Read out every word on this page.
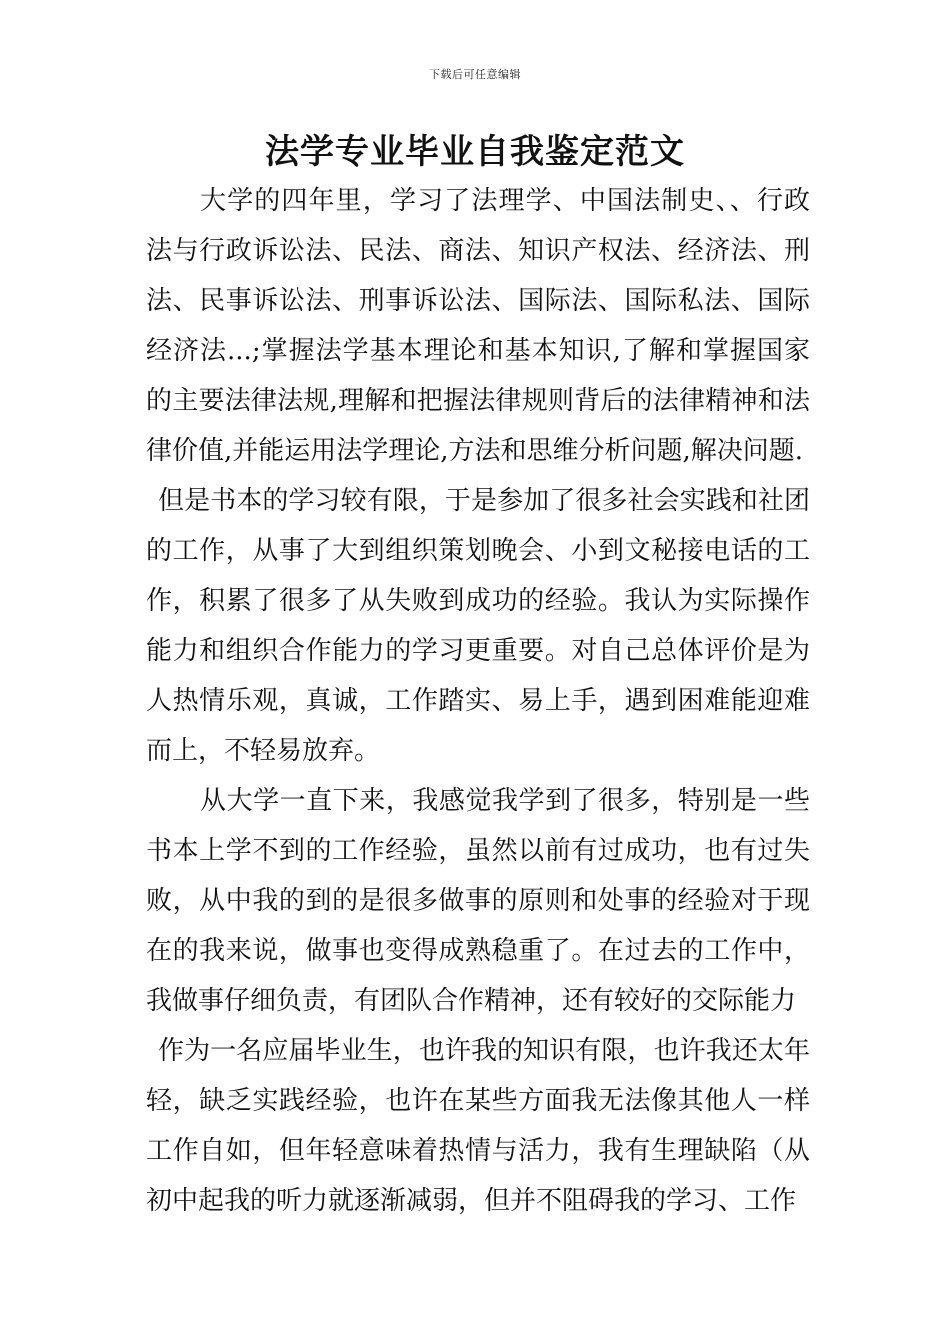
下载后可任意编辑
法学专业毕业自我鉴定范文

大学的四年里，学习了法理学、中国法制史、、行政法与行政诉讼法、民法、商法、知识产权法、经济法、刑法、民事诉讼法、刑事诉讼法、国际法、国际私法、国际经济法...;掌握法学基本理论和基本知识,了解和掌握国家的主要法律法规,理解和把握法律规则背后的法律精神和法律价值,并能运用法学理论,方法和思维分析问题,解决问题.

但是书本的学习较有限，于是参加了很多社会实践和社团的工作，从事了大到组织策划晚会、小到文秘接电话的工作，积累了很多了从失败到成功的经验。我认为实际操作能力和组织合作能力的学习更重要。对自己总体评价是为人热情乐观，真诚，工作踏实、易上手，遇到困难能迎难而上，不轻易放弃。

从大学一直下来，我感觉我学到了很多，特别是一些书本上学不到的工作经验，虽然以前有过成功，也有过失败，从中我的到的是很多做事的原则和处事的经验对于现在的我来说，做事也变得成熟稳重了。在过去的工作中，我做事仔细负责，有团队合作精神，还有较好的交际能力

作为一名应届毕业生，也许我的知识有限，也许我还太年轻，缺乏实践经验，也许在某些方面我无法像其他人一样工作自如，但年轻意味着热情与活力，我有生理缺陷（从初中起我的听力就逐渐减弱，但并不阻碍我的学习、工作
